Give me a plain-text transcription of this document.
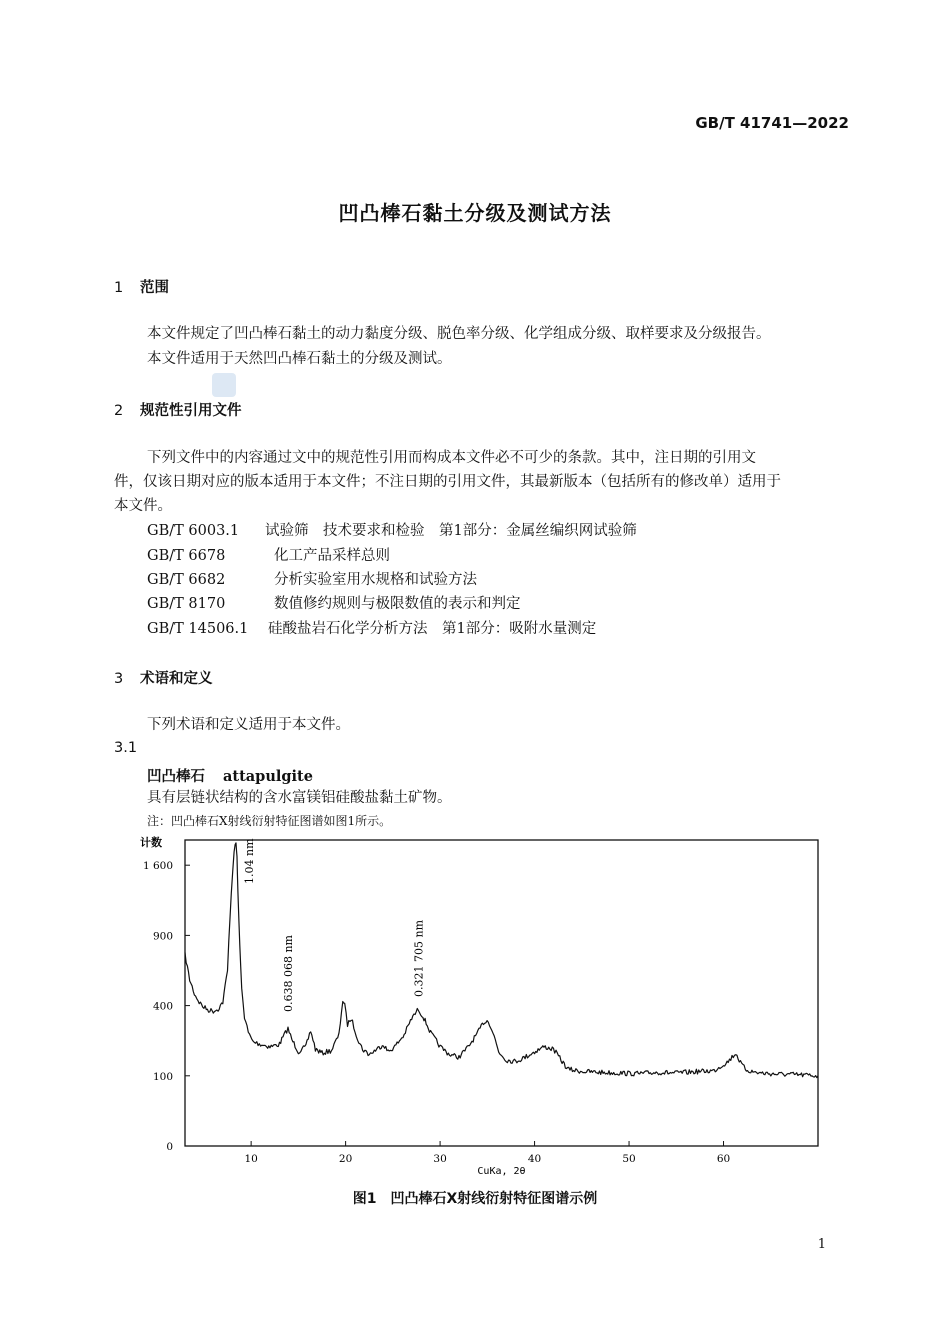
GB/T 41741—2022
凹凸棒石黏土分级及测试方法
1 范围
本文件规定了凹凸棒石黏土的动力黏度分级、脱色率分级、化学组成分级、取样要求及分级报告。
本文件适用于天然凹凸棒石黏土的分级及测试。
2 规范性引用文件
下列文件中的内容通过文中的规范性引用而构成本文件必不可少的条款。其中，注日期的引用文
件，仅该日期对应的版本适用于本文件；不注日期的引用文件，其最新版本（包括所有的修改单）适用于
本文件。
GB/T 6003.1 试验筛　技术要求和检验　第1部分：金属丝编织网试验筛
GB/T 6678	化工产品采样总则
GB/T 6682	分析实验室用水规格和试验方法
GB/T 8170	数值修约规则与极限数值的表示和判定
GB/T 14506.1 硅酸盐岩石化学分析方法　第1部分：吸附水量测定
3 术语和定义
下列术语和定义适用于本文件。
3.1
凹凸棒石 attapulgite
具有层链状结构的含水富镁铝硅酸盐黏土矿物。
注：凹凸棒石X射线衍射特征图谱如图1所示。
0
100
400
900
1 600
10	20	30	40	50	60
计数
CuKa, 2θ
1.04 nm
0.638 068 nm	0.321 705 nm
图1　凹凸棒石X射线衍射特征图谱示例
1
